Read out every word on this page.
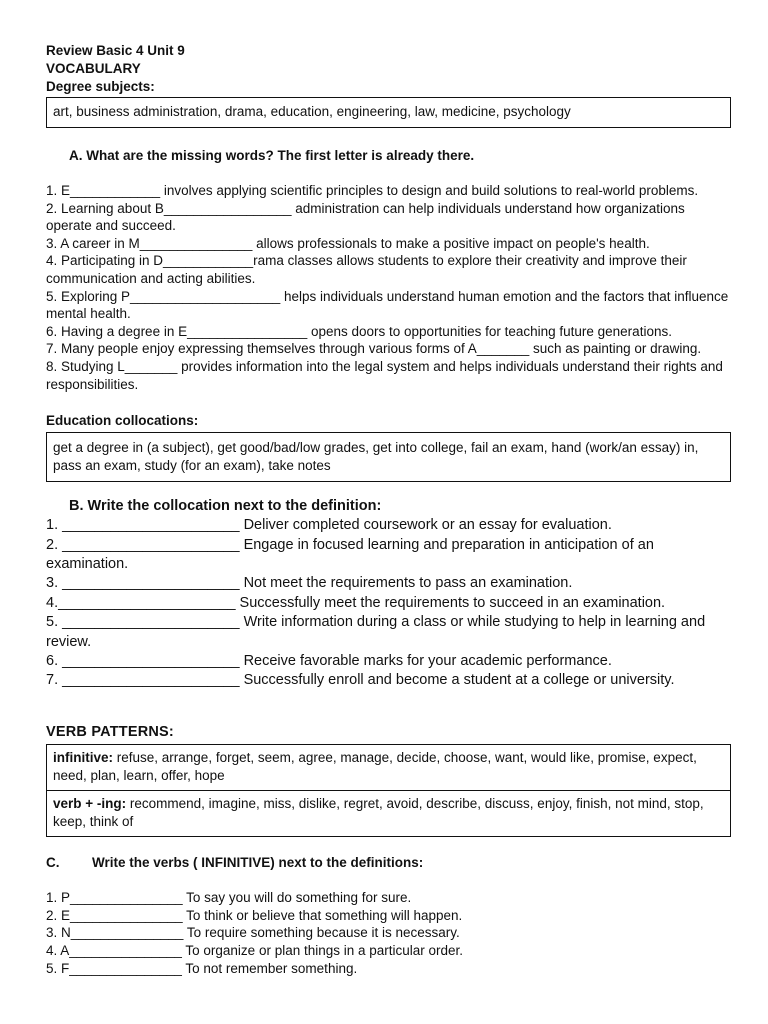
Review Basic 4 Unit 9
VOCABULARY
Degree subjects:
art, business administration, drama, education, engineering, law, medicine, psychology
A. What are the missing words? The first letter is already there.
1. E____________ involves applying scientific principles to design and build solutions to real-world problems.
2. Learning about B_________________ administration can help individuals understand how organizations operate and succeed.
3. A career in M_______________ allows professionals to make a positive impact on people's health.
4. Participating in D____________rama classes allows students to explore their creativity and improve their communication and acting abilities.
5. Exploring P____________________ helps individuals understand human emotion and the factors that influence mental health.
6. Having a degree in E________________ opens doors to opportunities for teaching future generations.
7. Many people enjoy expressing themselves through various forms of A_______ such as painting or drawing.
8. Studying L_______ provides information into the legal system and helps individuals understand their rights and responsibilities.
Education collocations:
get a degree in (a subject), get good/bad/low grades, get into college, fail an exam, hand (work/an essay) in, pass an exam, study (for an exam), take notes
B. Write the collocation next to the definition:
1. ______________________ Deliver completed coursework or an essay for evaluation.
2. ______________________ Engage in focused learning and preparation in anticipation of an examination.
3. ______________________ Not meet the requirements to pass an examination.
4.______________________ Successfully meet the requirements to succeed in an examination.
5. ______________________ Write information during a class or while studying to help in learning and review.
6. ______________________ Receive favorable marks for your academic performance.
7. ______________________ Successfully enroll and become a student at a college or university.
VERB PATTERNS:
infinitive: refuse, arrange, forget, seem, agree, manage, decide, choose, want, would like, promise, expect, need, plan, learn, offer, hope
verb + -ing: recommend, imagine, miss, dislike, regret, avoid, describe, discuss, enjoy, finish, not mind, stop, keep, think of
C. Write the verbs ( INFINITIVE) next to the definitions:
1. P_______________ To say you will do something for sure.
2. E_______________ To think or believe that something will happen.
3. N_______________ To require something because it is necessary.
4. A_______________ To organize or plan things in a particular order.
5. F_______________ To not remember something.
